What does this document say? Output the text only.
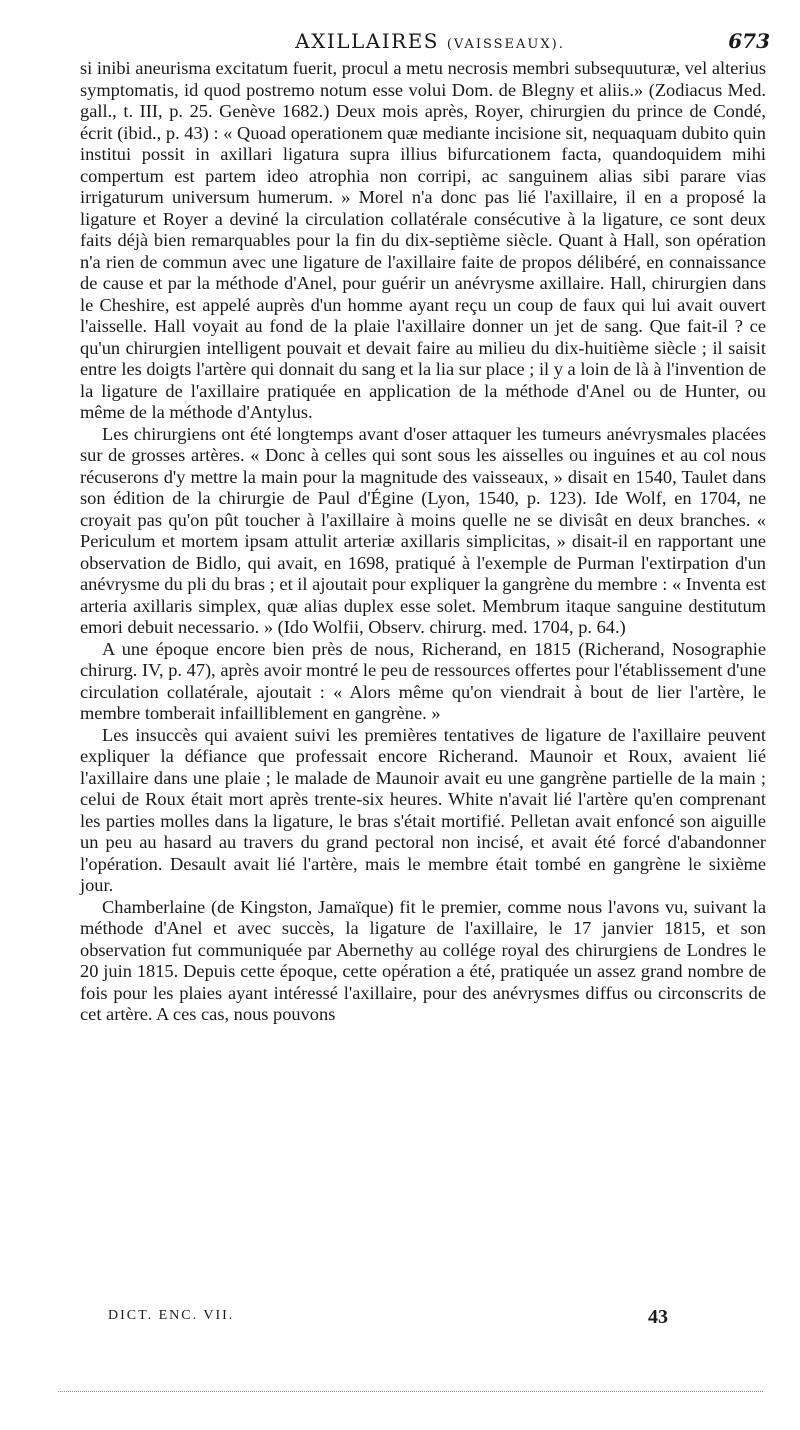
AXILLAIRES (VAISSEAUX).	673

si inibi aneurisma excitatum fuerit, procul a metu necrosis membri subsequuturæ, vel alterius symptomatis, id quod postremo notum esse volui Dom. de Blegny et aliis.» (Zodiacus Med. gall., t. III, p. 25. Genève 1682.) Deux mois après, Royer, chirurgien du prince de Condé, écrit (ibid., p. 43) : « Quoad operationem quæ mediante incisione sit, nequaquam dubito quin institui possit in axillari ligatura supra illius bifurcationem facta, quandoquidem mihi compertum est partem ideo atrophia non corripi, ac sanguinem alias sibi parare vias irrigaturum universum humerum. » Morel n'a donc pas lié l'axillaire, il en a proposé la ligature et Royer a deviné la circulation collatérale consécutive à la ligature, ce sont deux faits déjà bien remarquables pour la fin du dix-septième siècle. Quant à Hall, son opération n'a rien de commun avec une ligature de l'axillaire faite de propos délibéré, en connaissance de cause et par la méthode d'Anel, pour guérir un anévrysme axillaire. Hall, chirurgien dans le Cheshire, est appelé auprès d'un homme ayant reçu un coup de faux qui lui avait ouvert l'aisselle. Hall voyait au fond de la plaie l'axillaire donner un jet de sang. Que fait-il ? ce qu'un chirurgien intelligent pouvait et devait faire au milieu du dix-huitième siècle ; il saisit entre les doigts l'artère qui donnait du sang et la lia sur place ; il y a loin de là à l'invention de la ligature de l'axillaire pratiquée en application de la méthode d'Anel ou de Hunter, ou même de la méthode d'Antylus.

Les chirurgiens ont été longtemps avant d'oser attaquer les tumeurs anévrysmales placées sur de grosses artères. « Donc à celles qui sont sous les aisselles ou inguines et au col nous récuserons d'y mettre la main pour la magnitude des vaisseaux, » disait en 1540, Taulet dans son édition de la chirurgie de Paul d'Égine (Lyon, 1540, p. 123). Ide Wolf, en 1704, ne croyait pas qu'on pût toucher à l'axillaire à moins quelle ne se divisât en deux branches. « Periculum et mortem ipsam attulit arteriæ axillaris simplicitas, » disait-il en rapportant une observation de Bidlo, qui avait, en 1698, pratiqué à l'exemple de Purman l'extirpation d'un anévrysme du pli du bras ; et il ajoutait pour expliquer la gangrène du membre : « Inventa est arteria axillaris simplex, quæ alias duplex esse solet. Membrum itaque sanguine destitutum emori debuit necessario. » (Ido Wolfii, Observ. chirurg. med. 1704, p. 64.)

A une époque encore bien près de nous, Richerand, en 1815 (Richerand, Nosographie chirurg. IV, p. 47), après avoir montré le peu de ressources offertes pour l'établissement d'une circulation collatérale, ajoutait : « Alors même qu'on viendrait à bout de lier l'artère, le membre tomberait infailliblement en gangrène. »

Les insuccès qui avaient suivi les premières tentatives de ligature de l'axillaire peuvent expliquer la défiance que professait encore Richerand. Maunoir et Roux, avaient lié l'axillaire dans une plaie ; le malade de Maunoir avait eu une gangrène partielle de la main ; celui de Roux était mort après trente-six heures. White n'avait lié l'artère qu'en comprenant les parties molles dans la ligature, le bras s'était mortifié. Pelletan avait enfoncé son aiguille un peu au hasard au travers du grand pectoral non incisé, et avait été forcé d'abandonner l'opération. Desault avait lié l'artère, mais le membre était tombé en gangrène le sixième jour.

Chamberlaine (de Kingston, Jamaïque) fit le premier, comme nous l'avons vu, suivant la méthode d'Anel et avec succès, la ligature de l'axillaire, le 17 janvier 1815, et son observation fut communiquée par Abernethy au collége royal des chirurgiens de Londres le 20 juin 1815. Depuis cette époque, cette opération a été, pratiquée un assez grand nombre de fois pour les plaies ayant intéressé l'axillaire, pour des anévrysmes diffus ou circonscrits de cet artère. A ces cas, nous pouvons

DICT. ENC. VII.	43
